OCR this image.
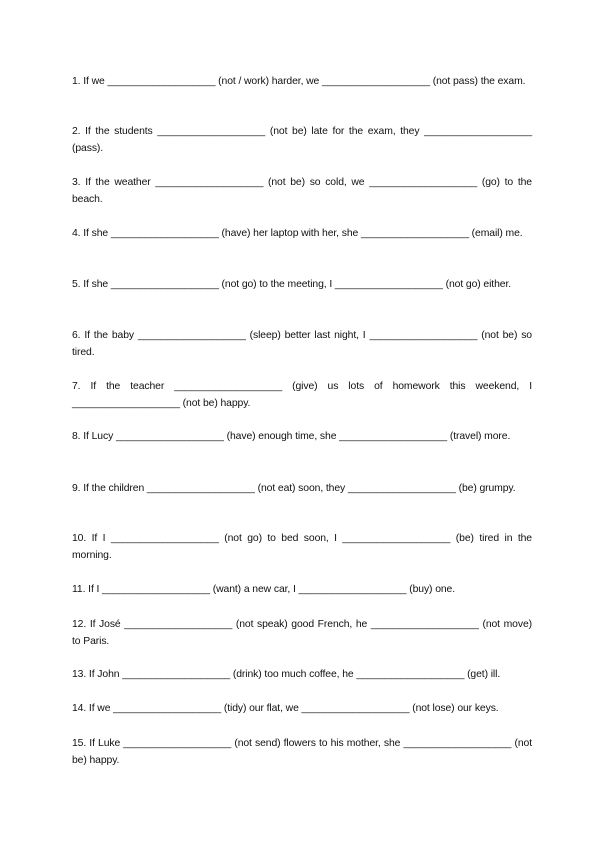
1. If we ___________________ (not / work) harder, we ___________________ (not pass) the exam.
2. If the students ___________________ (not be) late for the exam, they ___________________ (pass).
3. If the weather ___________________ (not be) so cold, we ___________________ (go) to the beach.
4. If she ___________________ (have) her laptop with her, she ___________________ (email) me.
5. If she ___________________ (not go) to the meeting, I ___________________ (not go) either.
6. If the baby ___________________ (sleep) better last night, I ___________________ (not be) so tired.
7. If the teacher ___________________ (give) us lots of homework this weekend, I ___________________ (not be) happy.
8. If Lucy ___________________ (have) enough time, she ___________________ (travel) more.
9. If the children ___________________ (not eat) soon, they ___________________ (be) grumpy.
10. If I ___________________ (not go) to bed soon, I ___________________ (be) tired in the morning.
11. If I ___________________ (want) a new car, I ___________________ (buy) one.
12. If José ___________________ (not speak) good French, he ___________________ (not move) to Paris.
13. If John ___________________ (drink) too much coffee, he ___________________ (get) ill.
14. If we ___________________ (tidy) our flat, we ___________________ (not lose) our keys.
15. If Luke ___________________ (not send) flowers to his mother, she ___________________ (not be) happy.
